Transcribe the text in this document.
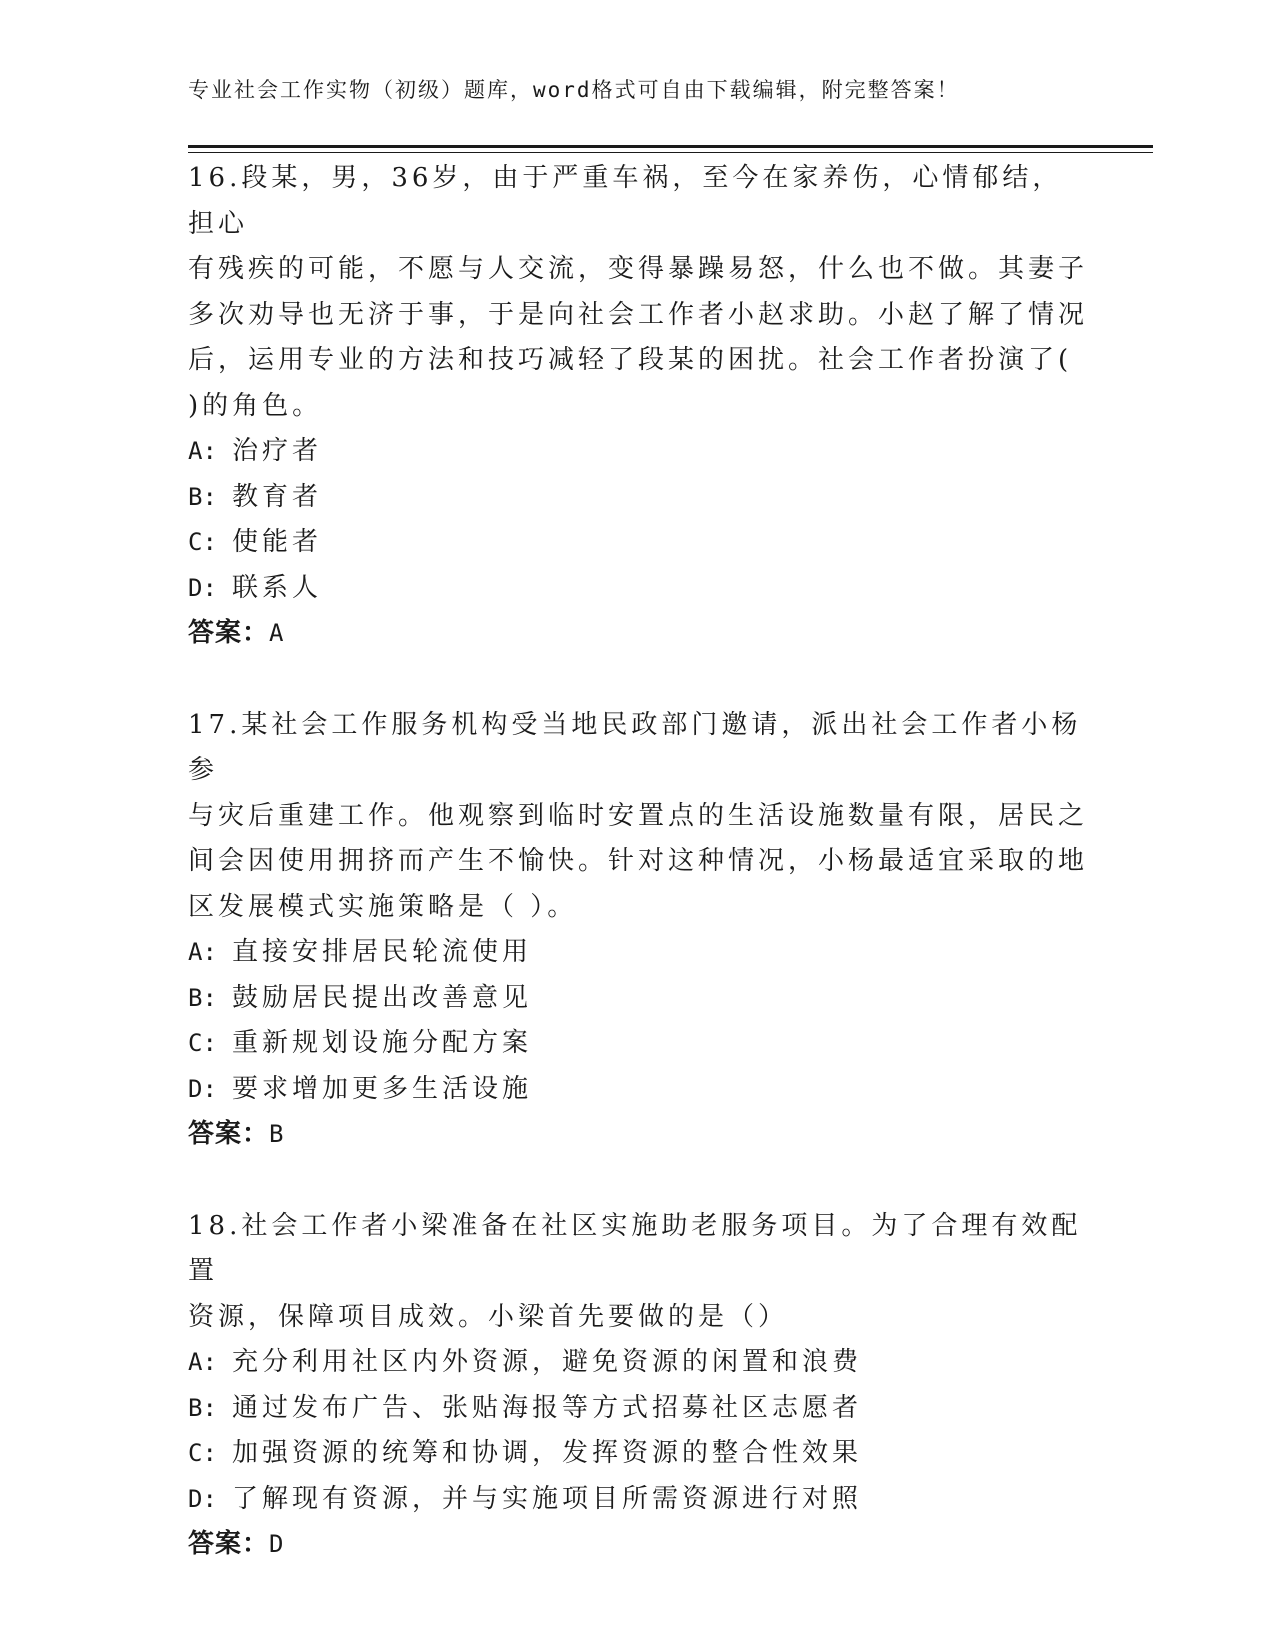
专业社会工作实物（初级）题库，word格式可自由下载编辑，附完整答案！

16.段某，男，36岁，由于严重车祸，至今在家养伤，心情郁结，担心

有残疾的可能，不愿与人交流，变得暴躁易怒，什么也不做。其妻子

多次劝导也无济于事，于是向社会工作者小赵求助。小赵了解了情况

后，运用专业的方法和技巧减轻了段某的困扰。社会工作者扮演了(

)的角色。

A: 治疗者

B: 教育者

C: 使能者

D: 联系人

答案：A

17.某社会工作服务机构受当地民政部门邀请，派出社会工作者小杨参

与灾后重建工作。他观察到临时安置点的生活设施数量有限，居民之

间会因使用拥挤而产生不愉快。针对这种情况，小杨最适宜采取的地

区发展模式实施策略是（ ）。

A: 直接安排居民轮流使用

B: 鼓励居民提出改善意见

C: 重新规划设施分配方案

D: 要求增加更多生活设施

答案：B

18.社会工作者小梁准备在社区实施助老服务项目。为了合理有效配置

资源，保障项目成效。小梁首先要做的是（）

A: 充分利用社区内外资源，避免资源的闲置和浪费

B: 通过发布广告、张贴海报等方式招募社区志愿者

C: 加强资源的统筹和协调，发挥资源的整合性效果

D: 了解现有资源，并与实施项目所需资源进行对照

答案：D
